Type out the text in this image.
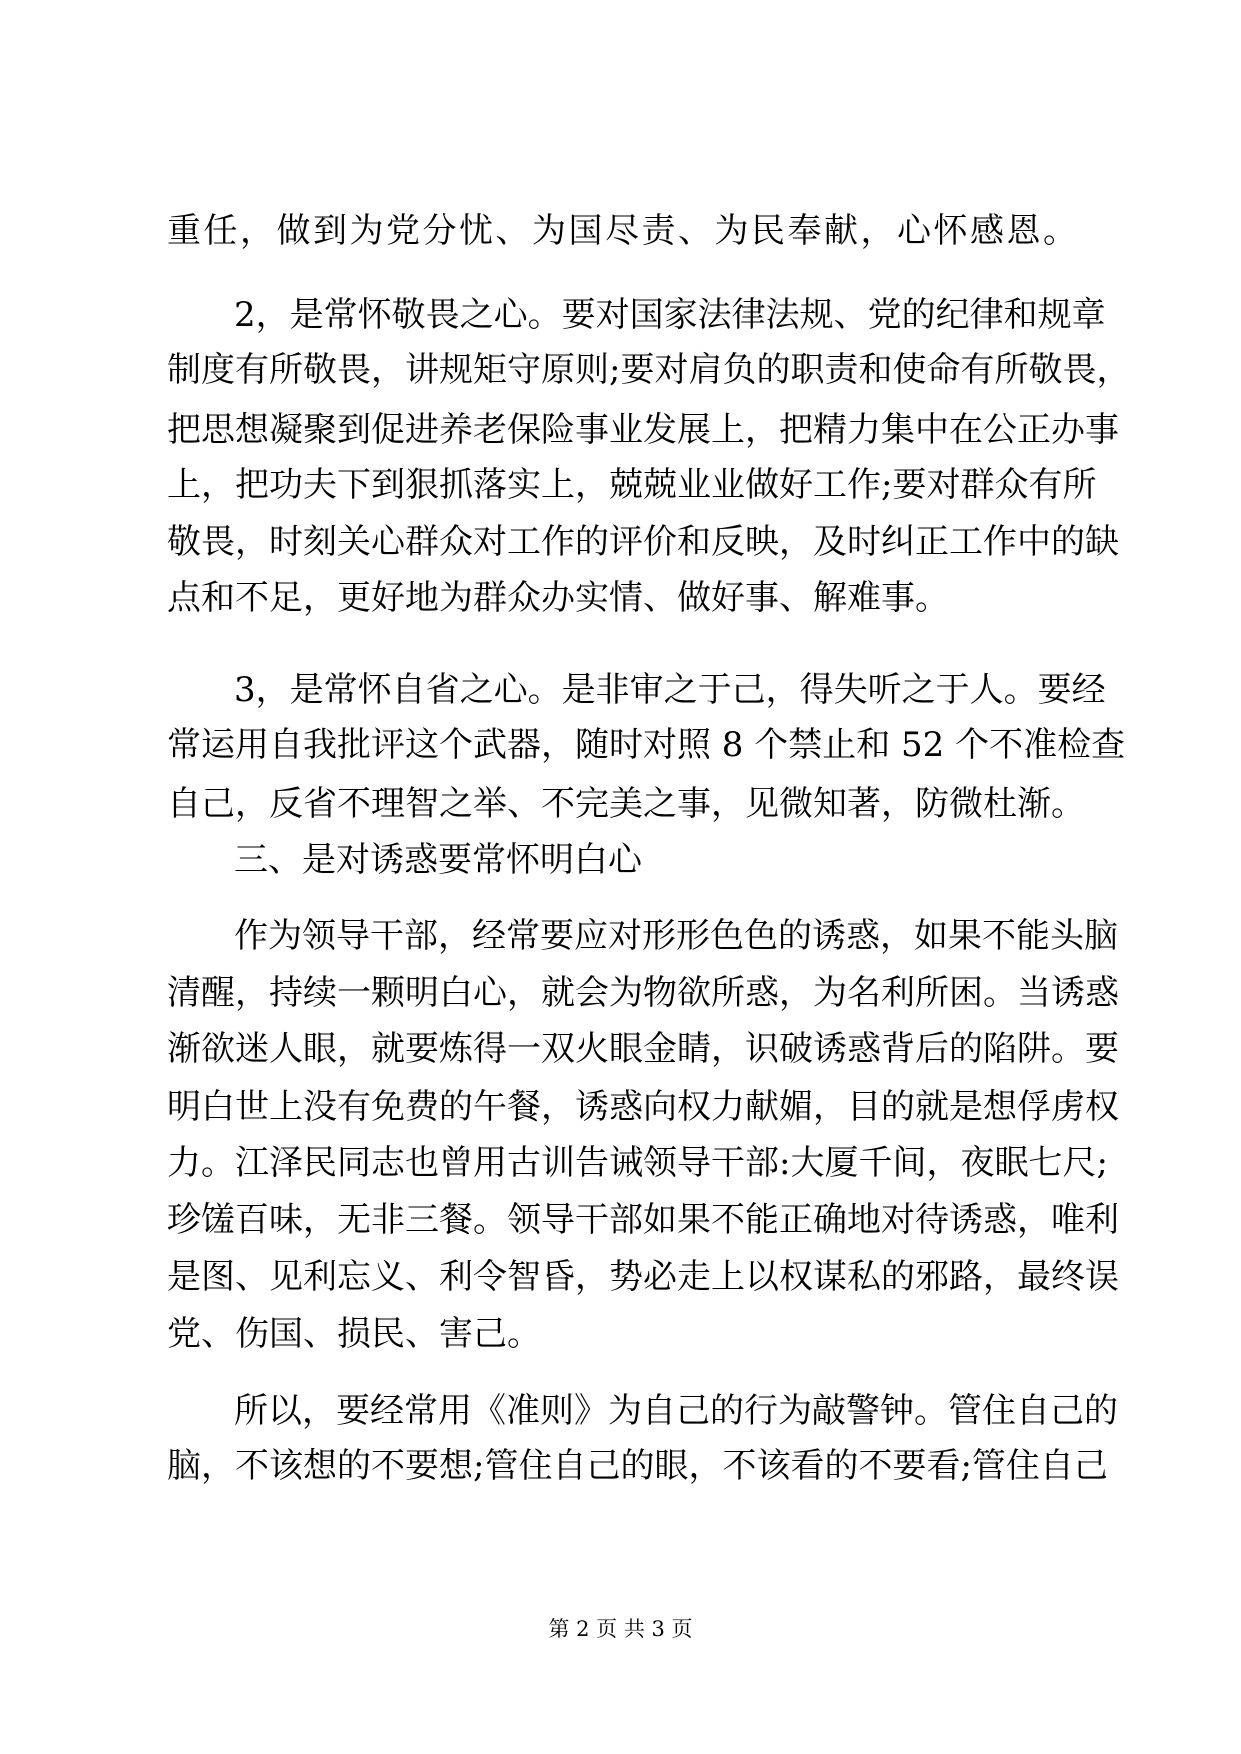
重任，做到为党分忧、为国尽责、为民奉献，心怀感恩。
2，是常怀敬畏之心。要对国家法律法规、党的纪律和规章
制度有所敬畏，讲规矩守原则;要对肩负的职责和使命有所敬畏，
把思想凝聚到促进养老保险事业发展上，把精力集中在公正办事
上，把功夫下到狠抓落实上，兢兢业业做好工作;要对群众有所
敬畏，时刻关心群众对工作的评价和反映，及时纠正工作中的缺
点和不足，更好地为群众办实情、做好事、解难事。
3，是常怀自省之心。是非审之于己，得失听之于人。要经
常运用自我批评这个武器，随时对照 8 个禁止和 52 个不准检查
自己，反省不理智之举、不完美之事，见微知著，防微杜渐。
三、是对诱惑要常怀明白心
作为领导干部，经常要应对形形色色的诱惑，如果不能头脑
清醒，持续一颗明白心，就会为物欲所惑，为名利所困。当诱惑
渐欲迷人眼，就要炼得一双火眼金睛，识破诱惑背后的陷阱。要
明白世上没有免费的午餐，诱惑向权力献媚，目的就是想俘虏权
力。江泽民同志也曾用古训告诫领导干部:大厦千间，夜眠七尺;
珍馐百味，无非三餐。领导干部如果不能正确地对待诱惑，唯利
是图、见利忘义、利令智昏，势必走上以权谋私的邪路，最终误
党、伤国、损民、害己。
所以，要经常用《准则》为自己的行为敲警钟。管住自己的
脑，不该想的不要想;管住自己的眼，不该看的不要看;管住自己
第 2 页 共 3 页
